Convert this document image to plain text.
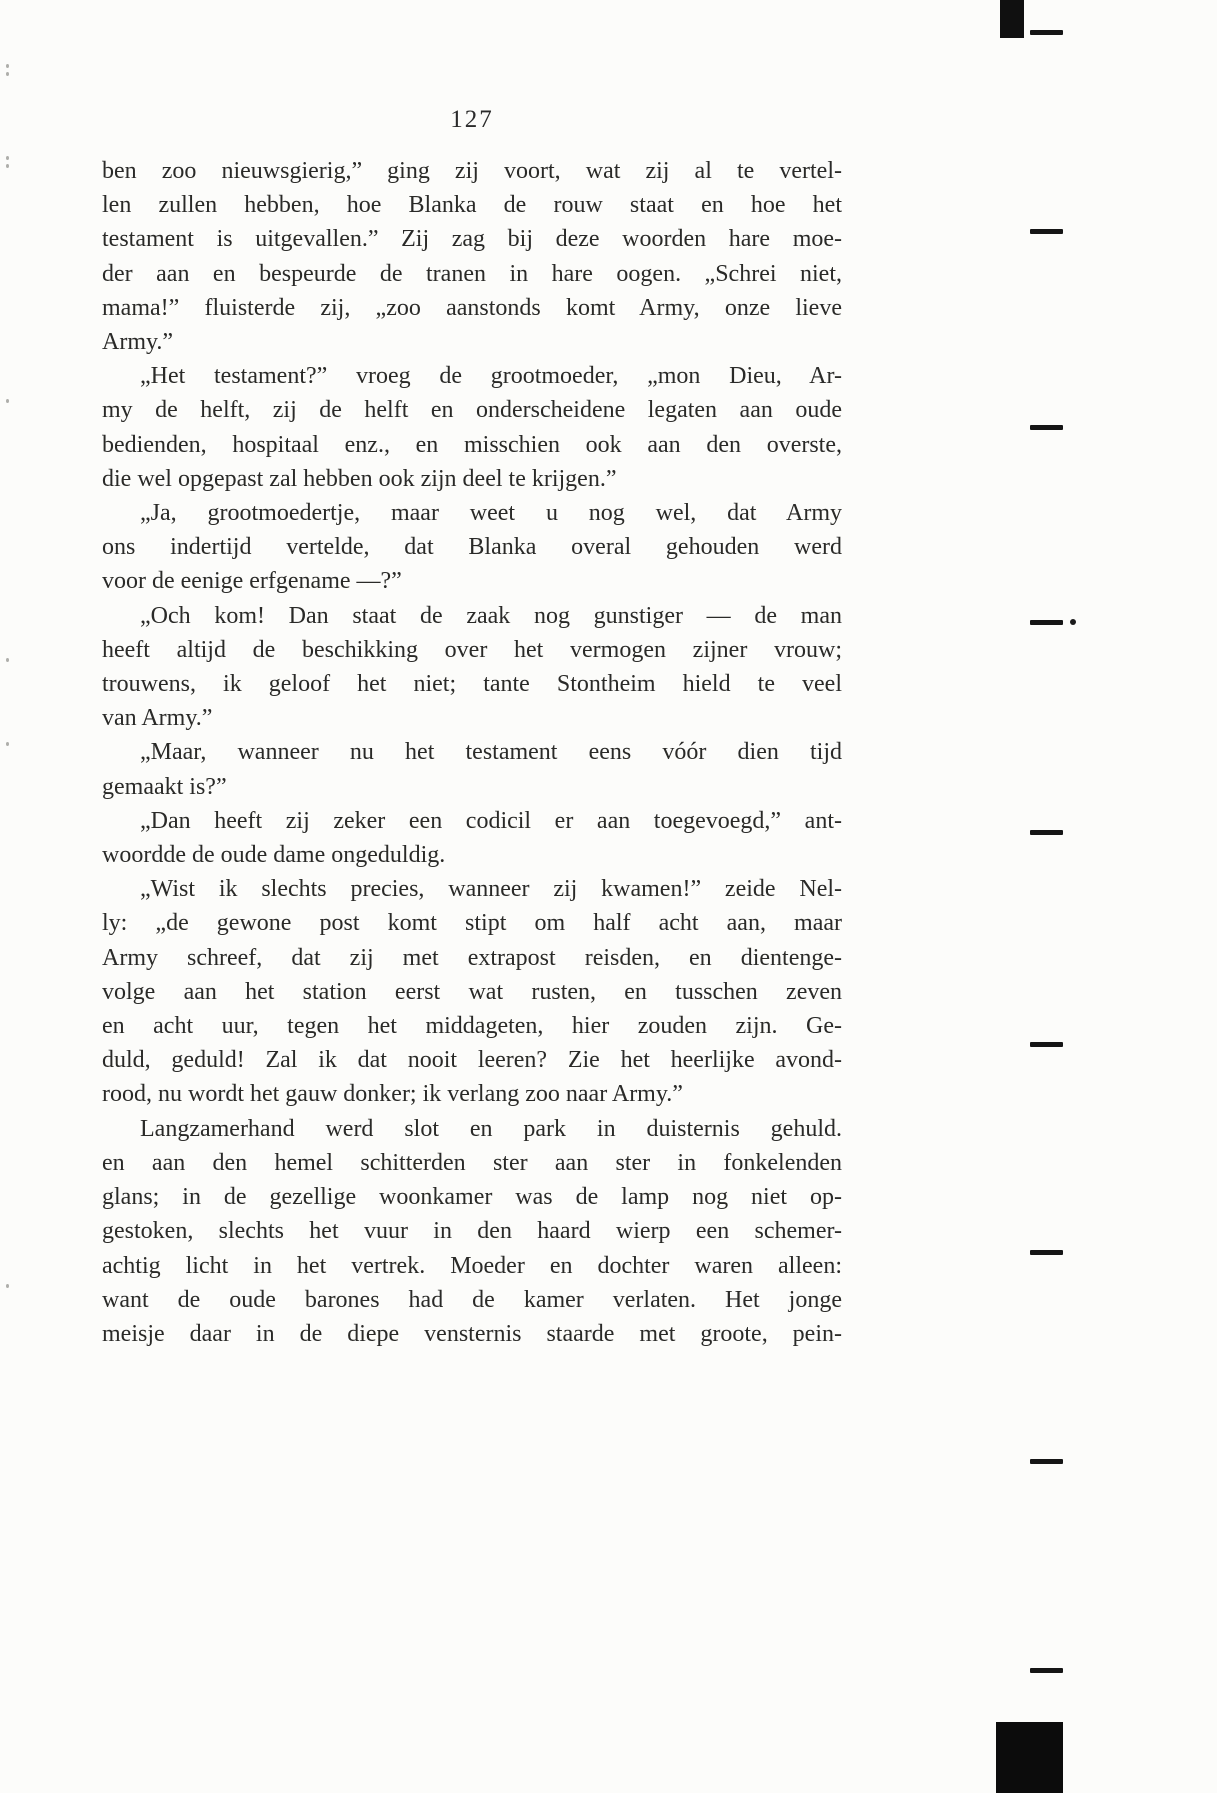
127
ben zoo nieuwsgierig,” ging zij voort, wat zij al te vertel-
len zullen hebben, hoe Blanka de rouw staat en hoe het
testament is uitgevallen.” Zij zag bij deze woorden hare moe-
der aan en bespeurde de tranen in hare oogen. „Schrei niet,
mama!” fluisterde zij, „zoo aanstonds komt Army, onze lieve
Army.”
„Het testament?” vroeg de grootmoeder, „mon Dieu, Ar-
my de helft, zij de helft en onderscheidene legaten aan oude
bedienden, hospitaal enz., en misschien ook aan den overste,
die wel opgepast zal hebben ook zijn deel te krijgen.”
„Ja, grootmoedertje, maar weet u nog wel, dat Army
ons indertijd vertelde, dat Blanka overal gehouden werd
voor de eenige erfgename —?”
„Och kom! Dan staat de zaak nog gunstiger — de man
heeft altijd de beschikking over het vermogen zijner vrouw;
trouwens, ik geloof het niet; tante Stontheim hield te veel
van Army.”
„Maar, wanneer nu het testament eens vóór dien tijd
gemaakt is?”
„Dan heeft zij zeker een codicil er aan toegevoegd,” ant-
woordde de oude dame ongeduldig.
„Wist ik slechts precies, wanneer zij kwamen!” zeide Nel-
ly: „de gewone post komt stipt om half acht aan, maar
Army schreef, dat zij met extrapost reisden, en dientenge-
volge aan het station eerst wat rusten, en tusschen zeven
en acht uur, tegen het middageten, hier zouden zijn. Ge-
duld, geduld! Zal ik dat nooit leeren? Zie het heerlijke avond-
rood, nu wordt het gauw donker; ik verlang zoo naar Army.”
Langzamerhand werd slot en park in duisternis gehuld.
en aan den hemel schitterden ster aan ster in fonkelenden
glans; in de gezellige woonkamer was de lamp nog niet op-
gestoken, slechts het vuur in den haard wierp een schemer-
achtig licht in het vertrek. Moeder en dochter waren alleen:
want de oude barones had de kamer verlaten. Het jonge
meisje daar in de diepe vensternis staarde met groote, pein-
